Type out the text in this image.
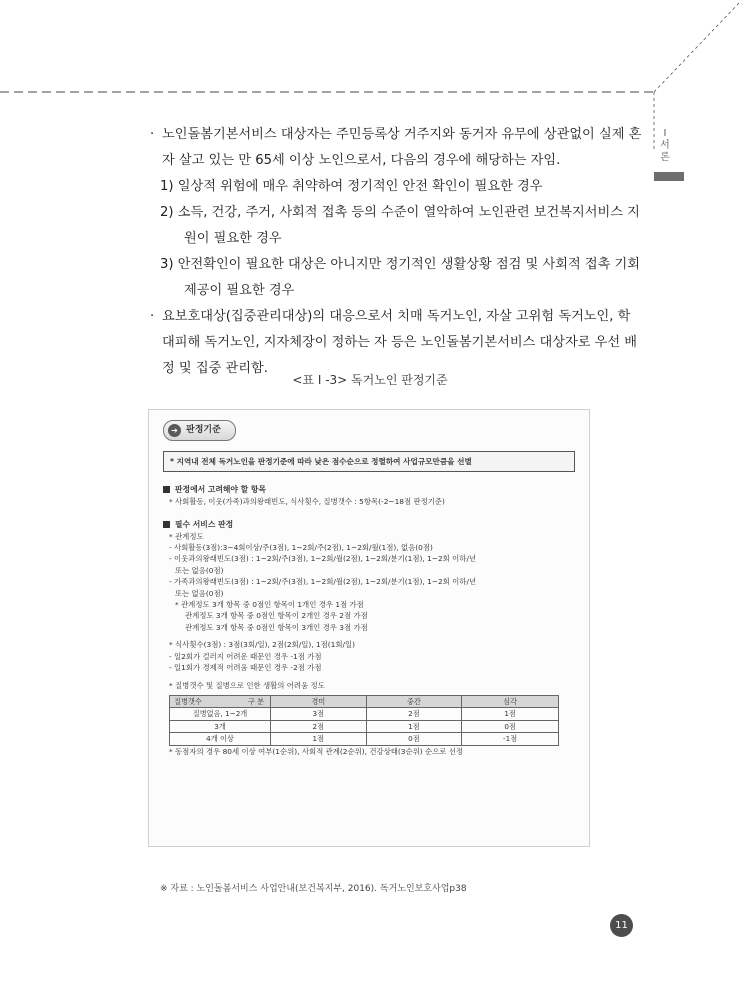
Ⅰ
서
론

· 노인돌봄기본서비스 대상자는 주민등록상 거주지와 동거자 유무에 상관없이 실제 혼자 살고 있는 만 65세 이상 노인으로서, 다음의 경우에 해당하는 자임.

1) 일상적 위험에 매우 취약하여 정기적인 안전 확인이 필요한 경우

2) 소득, 건강, 주거, 사회적 접촉 등의 수준이 열악하여 노인관련 보건복지서비스 지원이 필요한 경우

3) 안전확인이 필요한 대상은 아니지만 정기적인 생활상황 점검 및 사회적 접촉 기회 제공이 필요한 경우

· 요보호대상(집중관리대상)의 대응으로서 치매 독거노인, 자살 고위험 독거노인, 학대피해 독거노인, 지자체장이 정하는 자 등은 노인돌봄기본서비스 대상자로 우선 배정 및 집중 관리함.

<표 Ⅰ -3> 독거노인 판정기준
➔ 판정기준
* 지역내 전체 독거노인을 판정기준에 따라 낮은 점수순으로 정렬하여 사업규모만큼을 선별
판정에서 고려해야 할 항목

* 사회활동, 이웃(가족)과의왕래빈도, 식사횟수, 질병갯수 : 5항목(-2~18점 판정기준)

필수 서비스 판정

* 관계정도

- 사회활동(3점):3~4회이상/주(3점), 1~2회/주(2점), 1~2회/월(1점), 없음(0점)

- 이웃과의왕래빈도(3점) : 1~2회/주(3점), 1~2회/월(2점), 1~2회/분기(1점), 1~2회 이하/년

또는 없음(0점)

- 가족과의왕래빈도(3점) : 1~2회/주(3점), 1~2회/월(2점), 1~2회/분기(1점), 1~2회 이하/년

또는 없음(0점)

* 관계정도 3개 항목 중 0점인 항목이 1개인 경우 1점 가점

관계정도 3개 항목 중 0점인 항목이 2개인 경우 2점 가점

관계정도 3개 항목 중 0점인 항목이 3개인 경우 3점 가점

* 식사횟수(3점) : 3점(3회/일), 2점(2회/일), 1점(1회/일)

- 일2회가 걸러지 어려운 때문인 경우 -1점 가점

- 일1회가 경제적 어려움 때문인 경우 -2점 가점

* 질병갯수 및 질병으로 인한 생활의 어려움 정도

구 분
질병갯수	경미	중간	심각
질병없음, 1~2개	3점	2점	1점
3개	2점	1점	0점
4개 이상	1점	0점	-1점

* 동점자의 경우 80세 이상 여부(1순위), 사회적 관계(2순위), 건강상태(3순위) 순으로 선정

※ 자료 : 노인돌봄서비스 사업안내(보건복지부, 2016). 독거노인보호사업p38
11
